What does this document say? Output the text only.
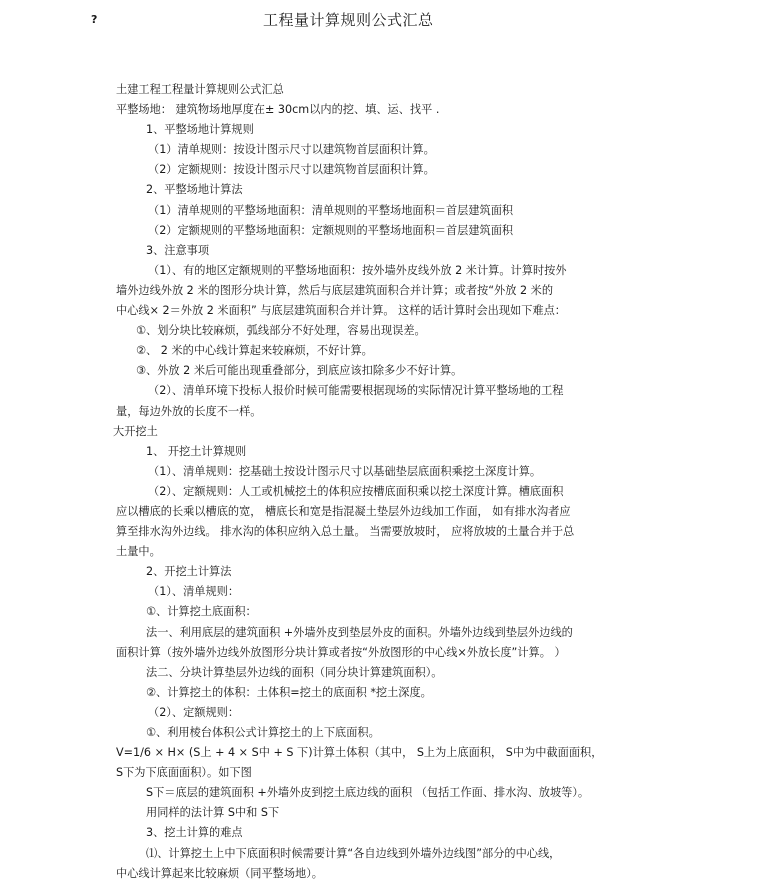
?	工程量计算规则公式汇总
土建工程工程量计算规则公式汇总
平整场地： 建筑物场地厚度在± 30cm以内的挖、填、运、找平 .
1、平整场地计算规则
（1）清单规则：按设计图示尺寸以建筑物首层面积计算。
（2）定额规则：按设计图示尺寸以建筑物首层面积计算。
2、平整场地计算法
（1）清单规则的平整场地面积：清单规则的平整场地面积＝首层建筑面积
（2）定额规则的平整场地面积：定额规则的平整场地面积＝首层建筑面积
3、注意事项
（1）、有的地区定额规则的平整场地面积：按外墙外皮线外放 2 米计算。计算时按外
墙外边线外放 2 米的图形分块计算，然后与底层建筑面积合并计算；或者按“外放 2 米的
中心线× 2＝外放 2 米面积” 与底层建筑面积合并计算。 这样的话计算时会出现如下难点：
①、划分块比较麻烦，弧线部分不好处理，容易出现误差。
②、 2 米的中心线计算起来较麻烦，不好计算。
③、外放 2 米后可能出现重叠部分，到底应该扣除多少不好计算。
（2）、清单环境下投标人报价时候可能需要根据现场的实际情况计算平整场地的工程
量，每边外放的长度不一样。
大开挖土
1、 开挖土计算规则
（1）、清单规则：挖基础土按设计图示尺寸以基础垫层底面积乘挖土深度计算。
（2）、定额规则：人工或机械挖土的体积应按槽底面积乘以挖土深度计算。槽底面积
应以槽底的长乘以槽底的宽， 槽底长和宽是指混凝土垫层外边线加工作面， 如有排水沟者应
算至排水沟外边线。 排水沟的体积应纳入总土量。 当需要放坡时， 应将放坡的土量合并于总
土量中。
2、开挖土计算法
（1）、清单规则：
①、计算挖土底面积：
法一、利用底层的建筑面积 +外墙外皮到垫层外皮的面积。外墙外边线到垫层外边线的
面积计算（按外墙外边线外放图形分块计算或者按“外放图形的中心线×外放长度”计算。 ）
法二、分块计算垫层外边线的面积（同分块计算建筑面积）。
②、计算挖土的体积：土体积=挖土的底面积 *挖土深度。
（2）、定额规则：
①、利用棱台体积公式计算挖土的上下底面积。
V=1/6 × H× (S上 + 4 × S中 + S 下)计算土体积（其中， S上为上底面积， S中为中截面面积，
S下为下底面面积）。如下图
S下＝底层的建筑面积 +外墙外皮到挖土底边线的面积 （包括工作面、排水沟、放坡等）。
用同样的法计算 S中和 S下
3、挖土计算的难点
⑴、计算挖土上中下底面积时候需要计算“各自边线到外墙外边线图”部分的中心线，
中心线计算起来比较麻烦（同平整场地）。
